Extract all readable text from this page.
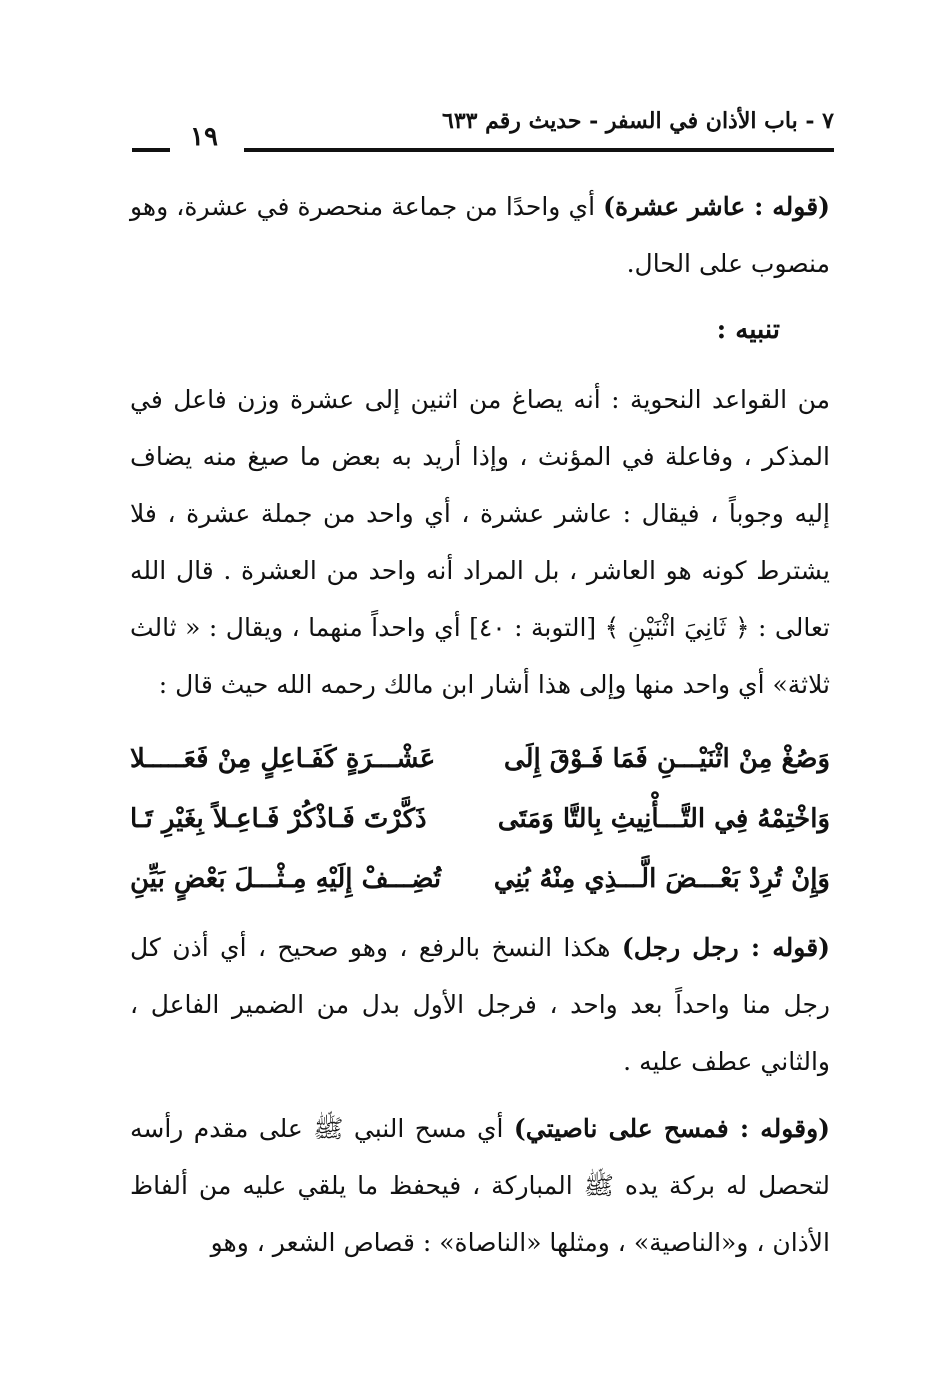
٧ - باب الأذان في السفر - حديث رقم ٦٣٣
١٩

(قوله : عاشر عشرة) أي واحدًا من جماعة منحصرة في عشرة، وهو منصوب على الحال.

تنبيه :

من القواعد النحوية : أنه يصاغ من اثنين إلى عشرة وزن فاعل في المذكر ، وفاعلة في المؤنث ، وإذا أريد به بعض ما صيغ منه يضاف إليه وجوباً ، فيقال : عاشر عشرة ، أي واحد من جملة عشرة ، فلا يشترط كونه هو العاشر ، بل المراد أنه واحد من العشرة . قال الله تعالى : ﴿ ثَانِيَ اثْنَيْنِ ﴾ [التوبة : ٤٠] أي واحداً منهما ، ويقال : « ثالث ثلاثة» أي واحد منها وإلى هذا أشار ابن مالك رحمه الله حيث قال :

وَصُغْ مِنْ اثْنَيْـــنِ فَمَا فَـوْقَ إِلَى
عَشْـــرَةٍ كَفَـاعِلٍ مِنْ فَعَـــــلا
وَاخْتِمْهُ فِي التَّـــأْنِيثِ بِالتَّا وَمَتَى
ذَكَّرْتَ فَـاذْكُرْ فَـاعِـلاً بِغَيْرِ تَـا
وَإِنْ تُرِدْ بَعْـــضَ الَّـــذِي مِنْهُ بُنِي
تُضِـــفْ إِلَيْهِ مِـثْـــلَ بَعْضٍ بَيِّنِ

(قوله : رجل رجل) هكذا النسخ بالرفع ، وهو صحيح ، أي أذن كل رجل منا واحداً بعد واحد ، فرجل الأول بدل من الضمير الفاعل ، والثاني عطف عليه .

(وقوله : فمسح على ناصيتي) أي مسح النبي ﷺ على مقدم رأسه لتحصل له بركة يده ﷺ المباركة ، فيحفظ ما يلقي عليه من ألفاظ الأذان ، و«الناصية» ، ومثلها «الناصاة» : قصاص الشعر ، وهو
